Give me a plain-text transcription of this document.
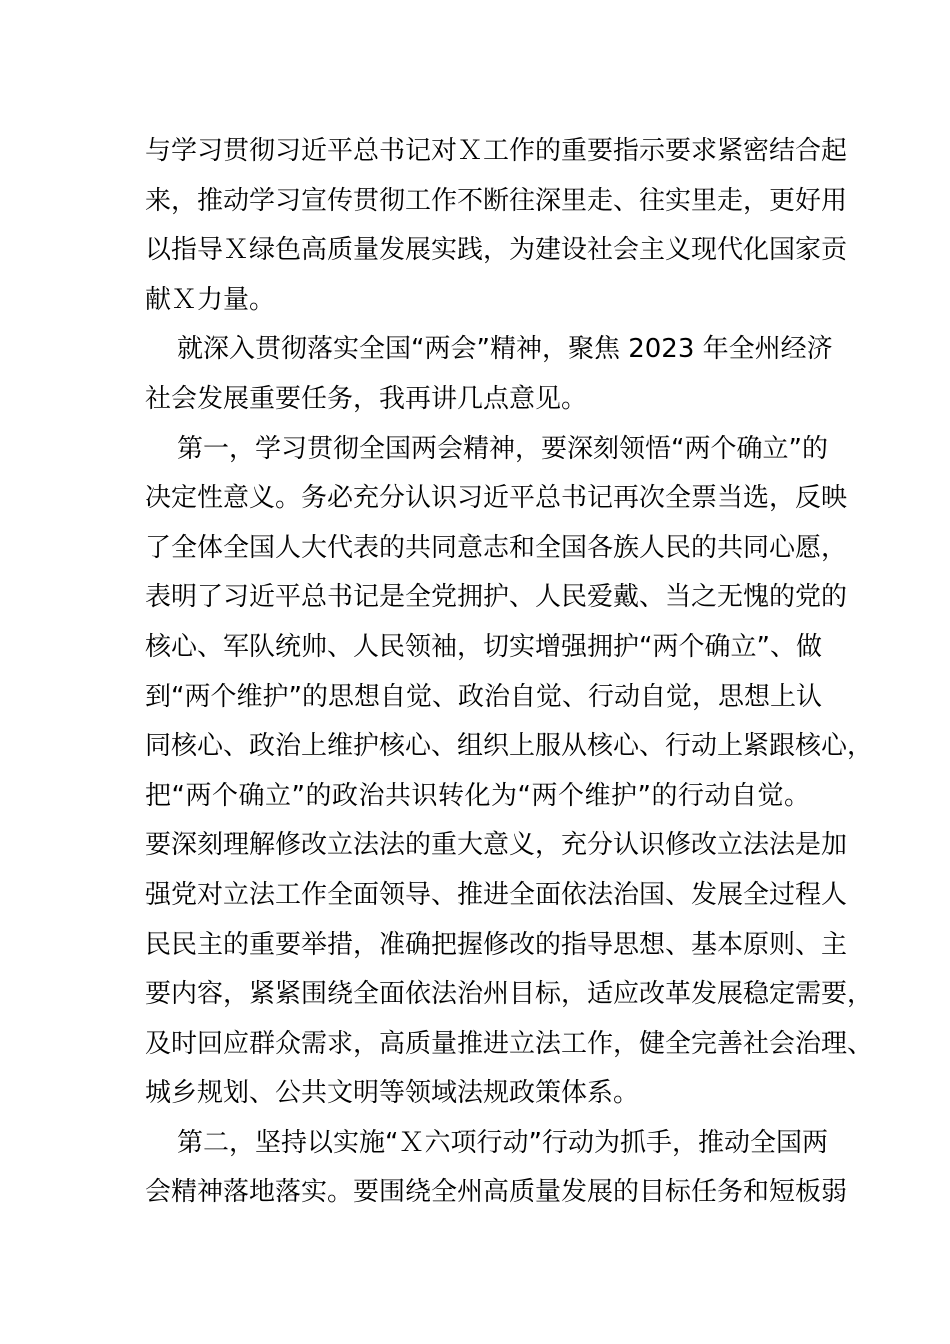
与学习贯彻习近平总书记对Ｘ工作的重要指示要求紧密结合起
来，推动学习宣传贯彻工作不断往深里走、往实里走，更好用
以指导Ｘ绿色高质量发展实践，为建设社会主义现代化国家贡
献Ｘ力量。
就深入贯彻落实全国“两会”精神，聚焦 2023 年全州经济
社会发展重要任务，我再讲几点意见。
第一，学习贯彻全国两会精神，要深刻领悟“两个确立”的
决定性意义。务必充分认识习近平总书记再次全票当选，反映
了全体全国人大代表的共同意志和全国各族人民的共同心愿，
表明了习近平总书记是全党拥护、人民爱戴、当之无愧的党的
核心、军队统帅、人民领袖，切实增强拥护“两个确立”、做
到“两个维护”的思想自觉、政治自觉、行动自觉，思想上认
同核心、政治上维护核心、组织上服从核心、行动上紧跟核心，
把“两个确立”的政治共识转化为“两个维护”的行动自觉。
要深刻理解修改立法法的重大意义，充分认识修改立法法是加
强党对立法工作全面领导、推进全面依法治国、发展全过程人
民民主的重要举措，准确把握修改的指导思想、基本原则、主
要内容，紧紧围绕全面依法治州目标，适应改革发展稳定需要，
及时回应群众需求，高质量推进立法工作，健全完善社会治理、
城乡规划、公共文明等领域法规政策体系。
第二，坚持以实施“Ｘ六项行动”行动为抓手，推动全国两
会精神落地落实。要围绕全州高质量发展的目标任务和短板弱
